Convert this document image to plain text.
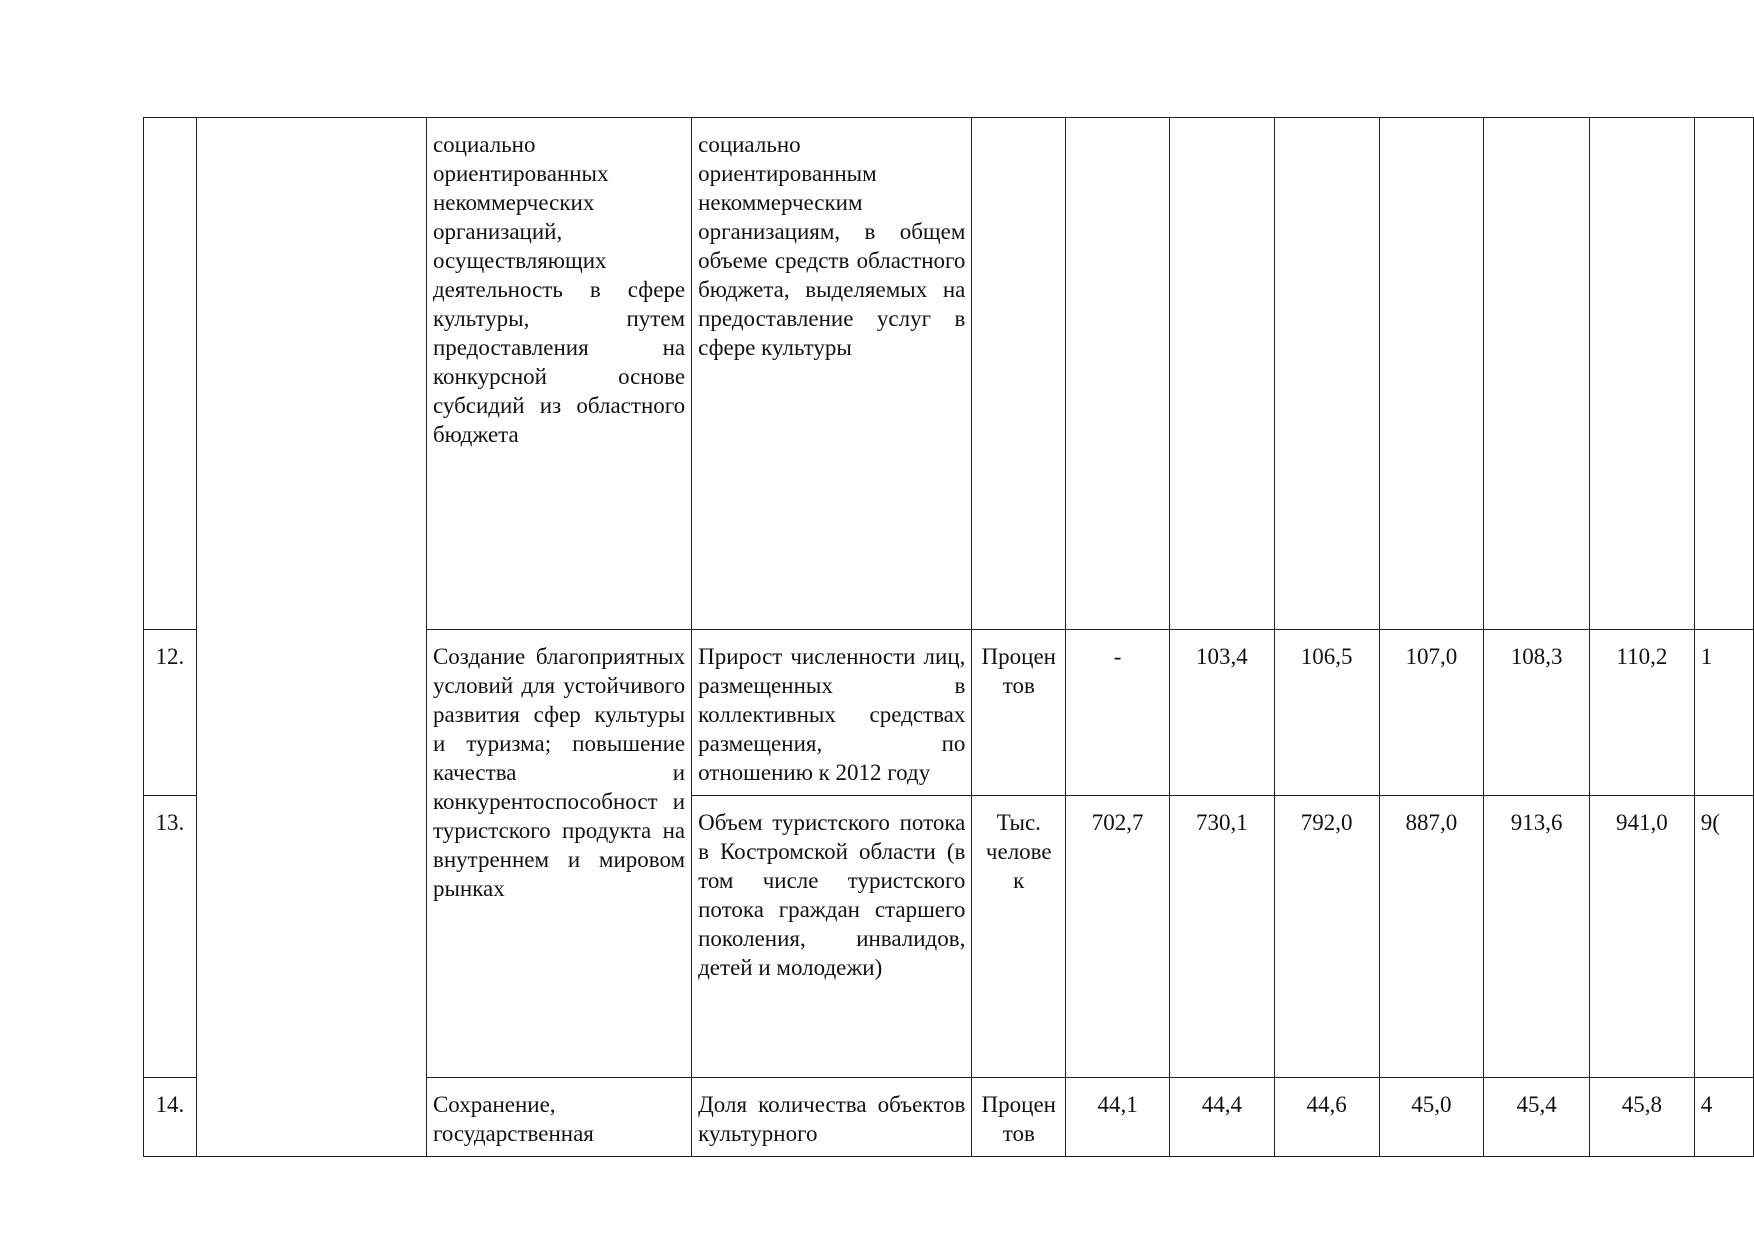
		социально ориентированных некоммерческих организаций, осуществляющих деятельность в сфере культуры, путем предоставления на конкурсной основе субсидий из областного бюджета	социально ориентированным некоммерческим организациям, в общем объеме средств областного бюджета, выделяемых на предоставление услуг в сфере культуры								
12.		Создание благоприятных условий для устойчивого развития сфер культуры и туризма; повышение качества и конкурентоспособност и туристского продукта на внутреннем и мировом рынках	Прирост численности лиц, размещенных в коллективных средствах размещения, по отношению к 2012 году	Процен тов	-	103,4	106,5	107,0	108,3	110,2	1
13.			Объем туристского потока в Костромской области (в том числе туристского потока граждан старшего поколения, инвалидов, детей и молодежи)	Тыс. челове к	702,7	730,1	792,0	887,0	913,6	941,0	9(
14.		Сохранение, государственная	Доля количества объектов культурного	Процен тов	44,1	44,4	44,6	45,0	45,4	45,8	4
